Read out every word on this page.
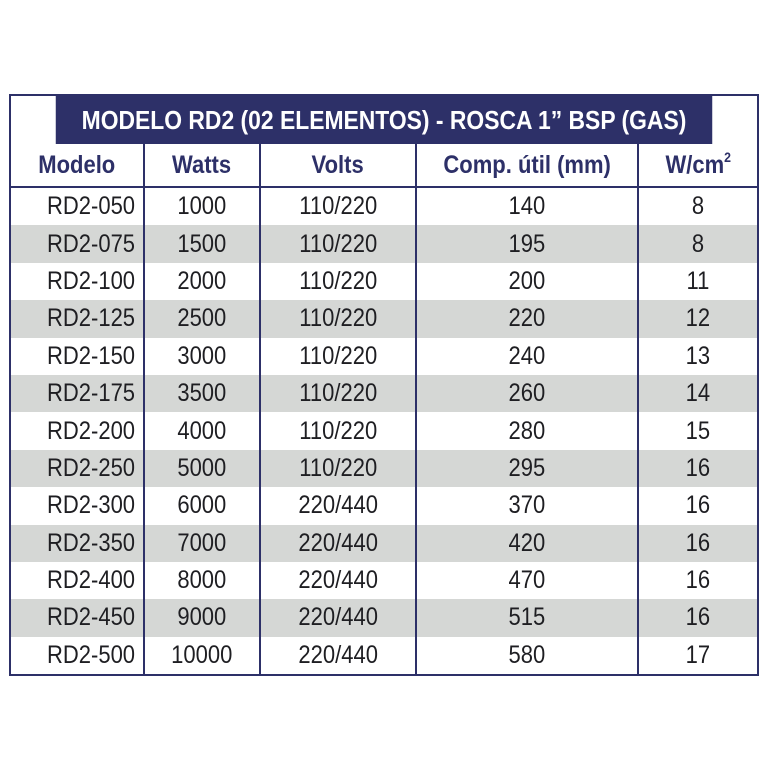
MODELO RD2 (02 ELEMENTOS) - ROSCA 1” BSP (GAS)
Modelo	Watts	Volts	Comp. útil (mm)	$W/cm^2$
RD2-050	1000	110/220	140	8
RD2-075	1500	110/220	195	8
RD2-100	2000	110/220	200	11
RD2-125	2500	110/220	220	12
RD2-150	3000	110/220	240	13
RD2-175	3500	110/220	260	14
RD2-200	4000	110/220	280	15
RD2-250	5000	110/220	295	16
RD2-300	6000	220/440	370	16
RD2-350	7000	220/440	420	16
RD2-400	8000	220/440	470	16
RD2-450	9000	220/440	515	16
RD2-500	10000	220/440	580	17
